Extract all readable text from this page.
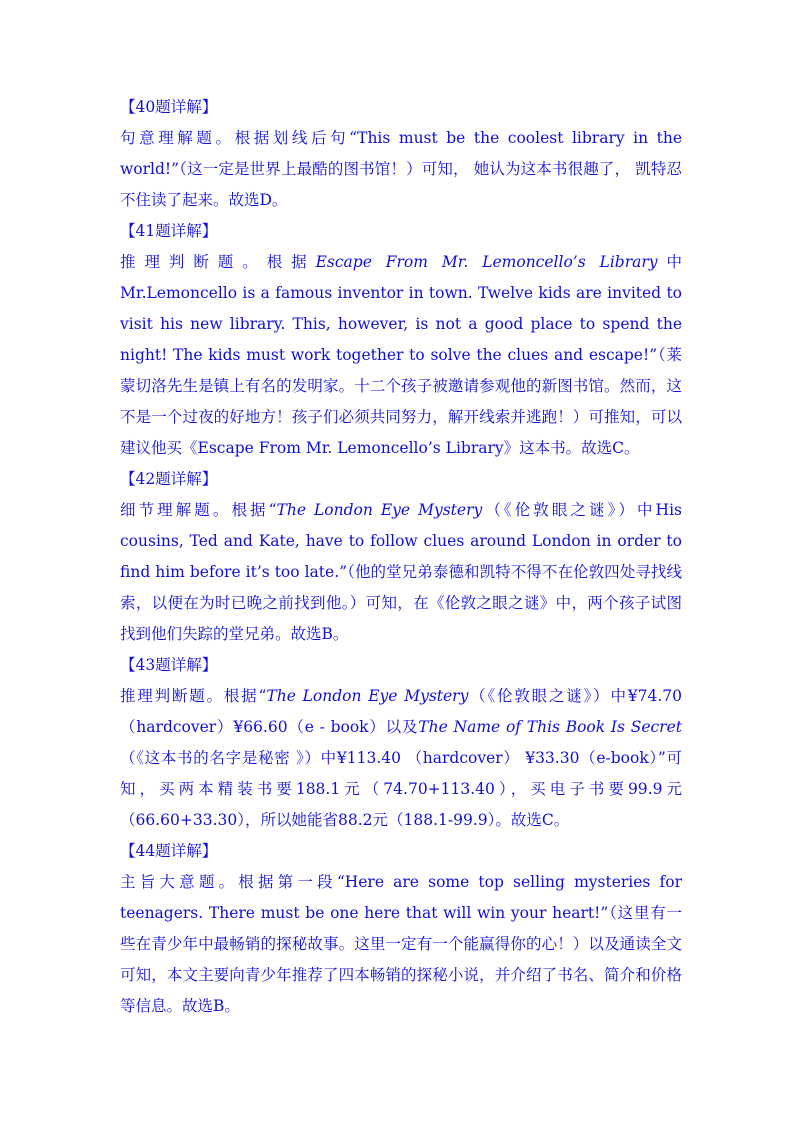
【40题详解】

句意理解题。根据划线后句“This must be the coolest library in the world!”（这一定是世界上最酷的图书馆！）可知， 她认为这本书很趣了， 凯特忍不住读了起来。故选D。

【41题详解】

推理判断题。根据Escape From Mr. Lemoncello’s Library中Mr.Lemoncello is a famous inventor in town. Twelve kids are invited to visit his new library. This, however, is not a good place to spend the night! The kids must work together to solve the clues and escape!”（莱蒙切洛先生是镇上有名的发明家。十二个孩子被邀请参观他的新图书馆。然而，这不是一个过夜的好地方！孩子们必须共同努力，解开线索并逃跑！）可推知，可以建议他买《Escape From Mr. Lemoncello’s Library》这本书。故选C。

【42题详解】

细节理解题。根据“The London Eye Mystery（《伦敦眼之谜》）中His cousins, Ted and Kate, have to follow clues around London in order to find him before it’s too late.”（他的堂兄弟泰德和凯特不得不在伦敦四处寻找线索，以便在为时已晚之前找到他。）可知，在《伦敦之眼之谜》中，两个孩子试图找到他们失踪的堂兄弟。故选B。

【43题详解】

推理判断题。根据“The London Eye Mystery（《伦敦眼之谜》）中¥74.70（hardcover）¥66.60（e - book）以及The Name of This Book Is Secret（《这本书的名字是秘密 》）中¥113.40 （hardcover） ¥33.30（e-book）”可知，买两本精装书要188.1元（74.70+113.40），买电子书要99.9元（66.60+33.30），所以她能省88.2元（188.1-99.9）。故选C。

【44题详解】

主旨大意题。根据第一段“Here are some top selling mysteries for teenagers. There must be one here that will win your heart!”（这里有一些在青少年中最畅销的探秘故事。这里一定有一个能赢得你的心！）以及通读全文可知，本文主要向青少年推荐了四本畅销的探秘小说，并介绍了书名、简介和价格等信息。故选B。
